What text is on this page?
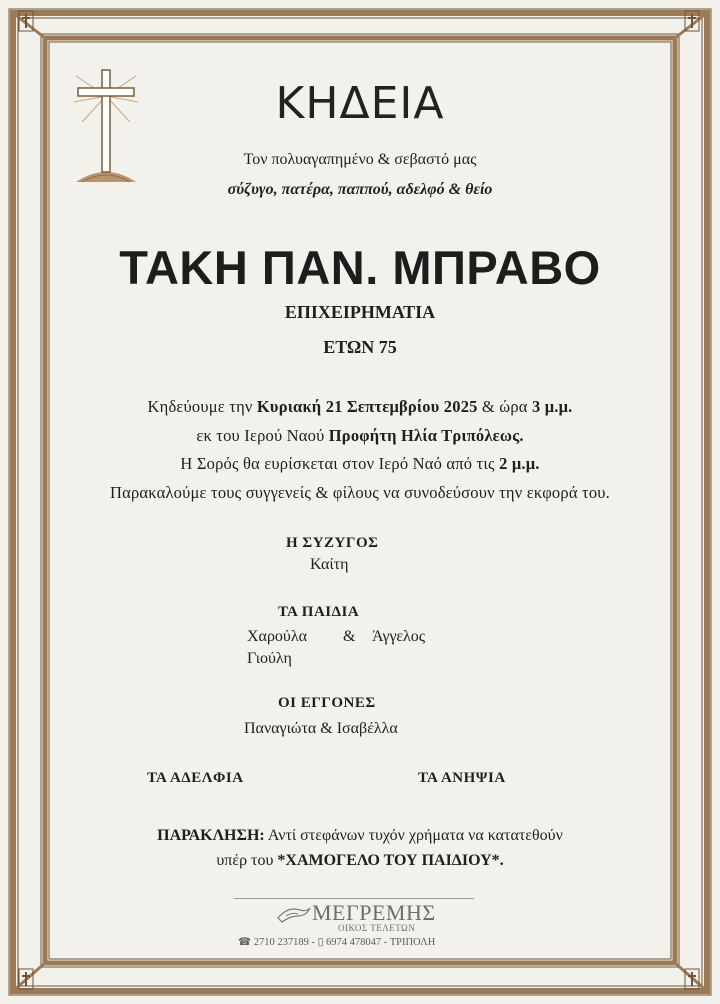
ΚΗΔΕΙΑ
Τον πολυαγαπημένο & σεβαστό μας
σύζυγο, πατέρα, παππού, αδελφό & θείο
ΤΑΚΗ ΠΑΝ. ΜΠΡΑΒΟ
ΕΠΙΧΕΙΡΗΜΑΤΙΑ
ΕΤΩΝ 75
Κηδεύουμε την Κυριακή 21 Σεπτεμβρίου 2025 & ώρα 3 μ.μ.
εκ του Ιερού Ναού Προφήτη Ηλία Τριπόλεως.
Η Σορός θα ευρίσκεται στον Ιερό Ναό από τις 2 μ.μ.
Παρακαλούμε τους συγγενείς & φίλους να συνοδεύσουν την εκφορά του.
Η ΣΥΖΥΓΟΣ
Καίτη
ΤΑ ΠΑΙΔΙΑ
Χαρούλα & Άγγελος
Γιούλη
ΟΙ ΕΓΓΟΝΕΣ
Παναγιώτα & Ισαβέλλα
ΤΑ ΑΔΕΛΦΙΑ	ΤΑ ΑΝΗΨΙΑ
ΠΑΡΑΚΛΗΣΗ: Αντί στεφάνων τυχόν χρήματα να κατατεθούν
υπέρ του *ΧΑΜΟΓΕΛΟ ΤΟΥ ΠΑΙΔΙΟΥ*.
ΜΕΓΡΕΜΗΣ
ΟΙΚΟΣ ΤΕΛΕΤΩΝ
☎ 2710 237189 - ▯ 6974 478047 - ΤΡΙΠΟΛΗ
